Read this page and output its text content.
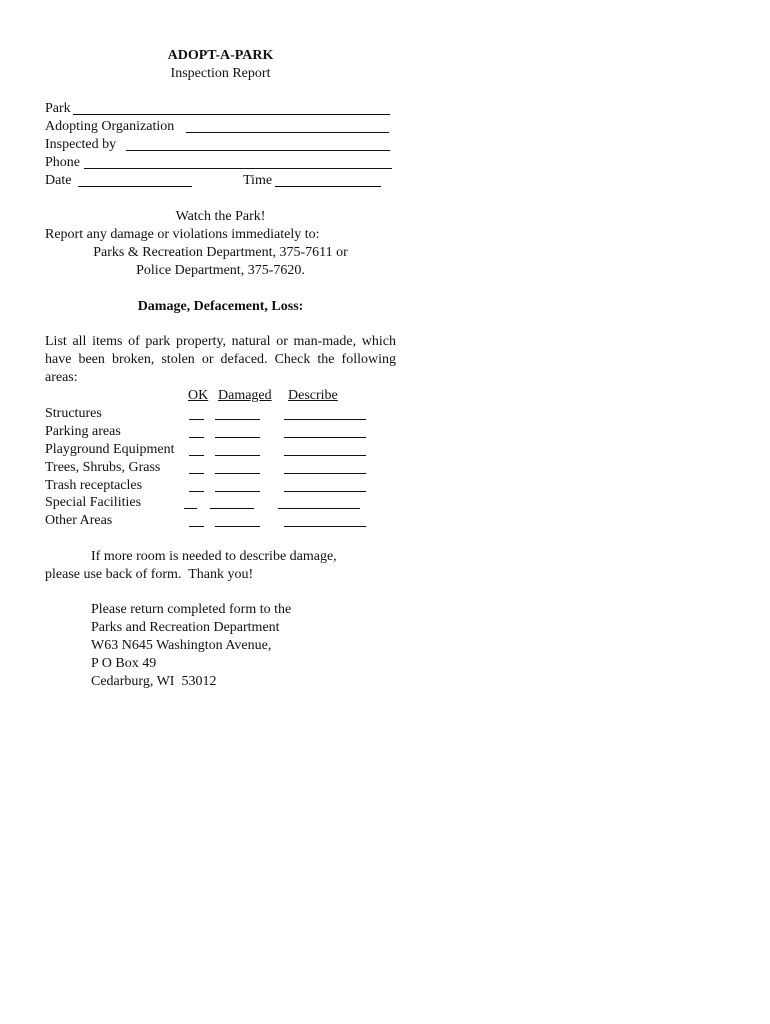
ADOPT-A-PARK
Inspection Report
Park
Adopting Organization
Inspected by
Phone
Date	Time
Watch the Park!
Report any damage or violations immediately to:
Parks & Recreation Department, 375-7611 or
Police Department, 375-7620.
Damage, Defacement, Loss:
List all items of park property, natural or man-made, which have been broken, stolen or defaced. Check the following areas:
OK Damaged Describe
Structures
Parking areas
Playground Equipment
Trees, Shrubs, Grass
Trash receptacles
Special Facilities
Other Areas
If more room is needed to describe damage,
please use back of form.  Thank you!
Please return completed form to the
Parks and Recreation Department
W63 N645 Washington Avenue,
P O Box 49
Cedarburg, WI  53012
